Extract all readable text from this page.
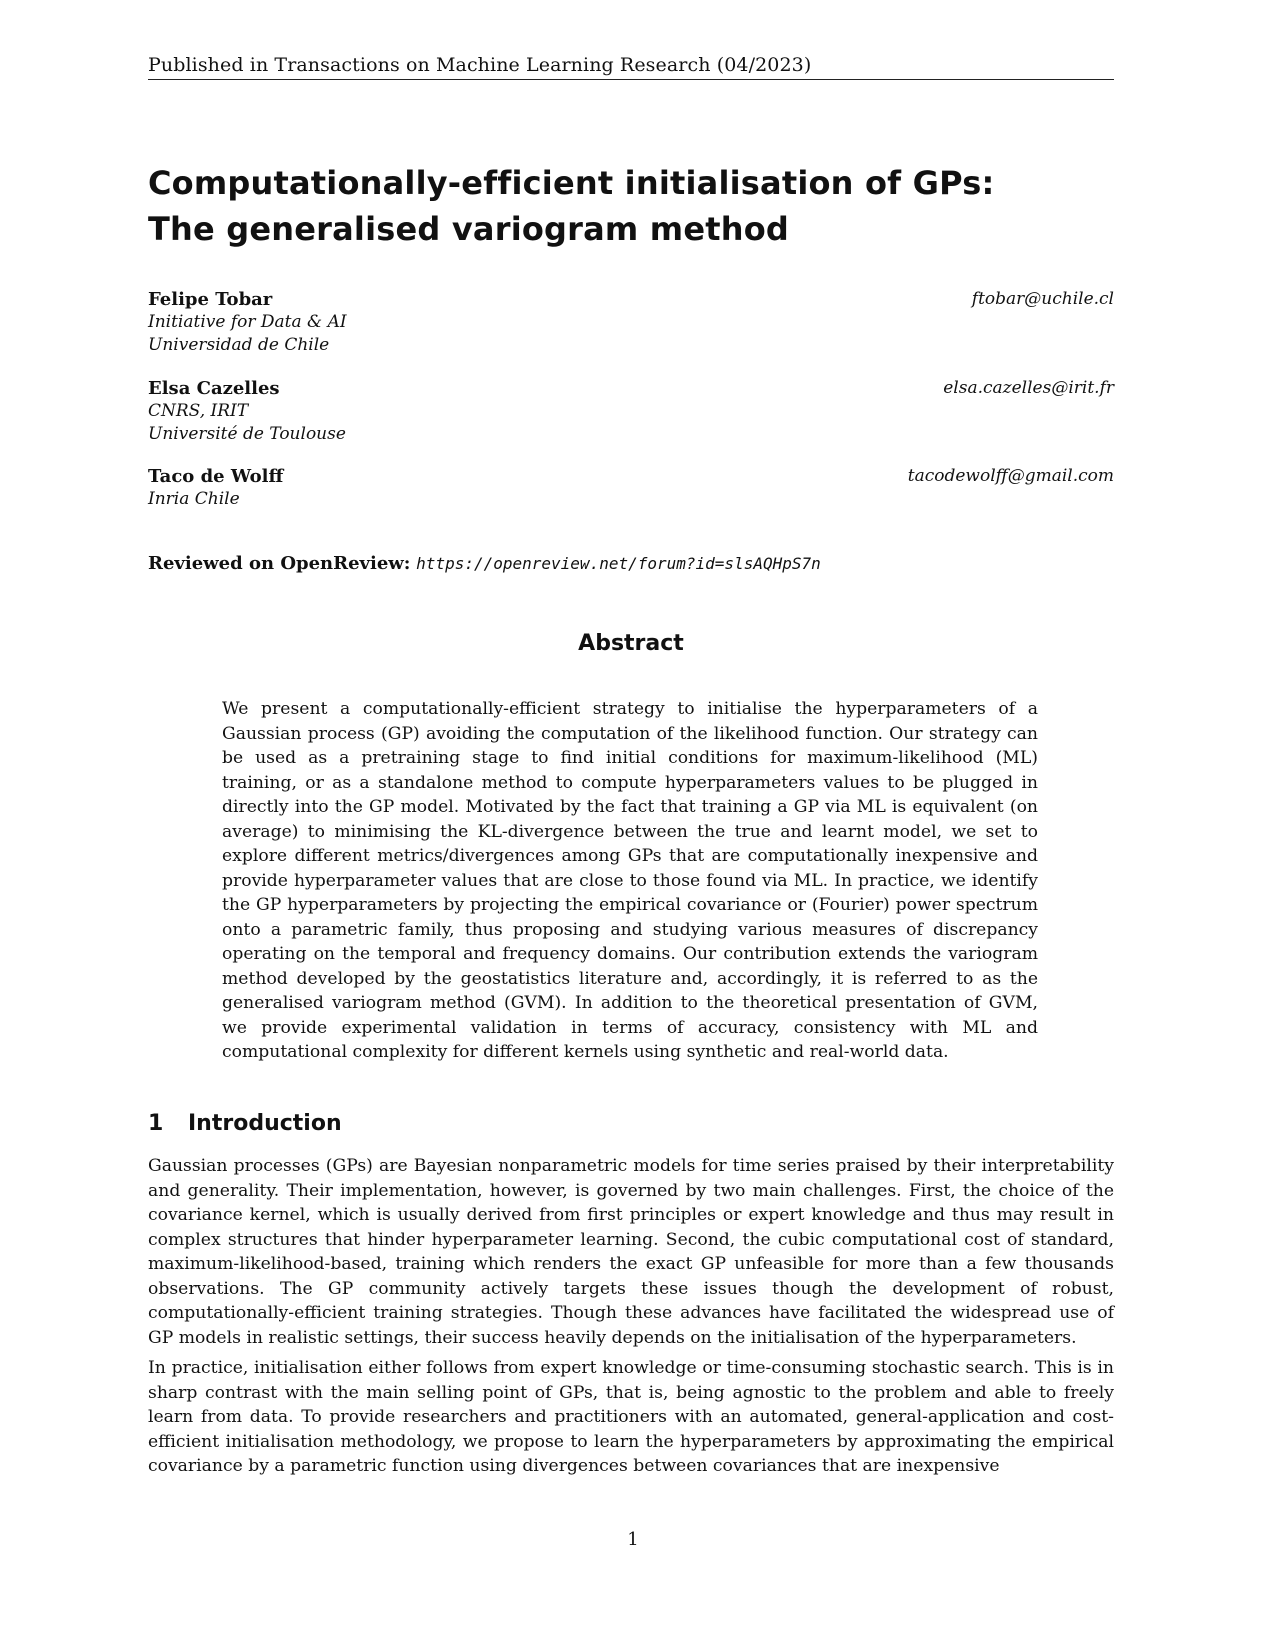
Published in Transactions on Machine Learning Research (04/2023)
Computationally-efficient initialisation of GPs:
The generalised variogram method
Felipe Tobar
Initiative for Data & AI
Universidad de Chile
ftobar@uchile.cl
Elsa Cazelles
CNRS, IRIT
Université de Toulouse
elsa.cazelles@irit.fr
Taco de Wolff
Inria Chile
tacodewolff@gmail.com
Reviewed on OpenReview: https://openreview.net/forum?id=slsAQHpS7n
Abstract

We present a computationally-efficient strategy to initialise the hyperparameters of a Gaussian process (GP) avoiding the computation of the likelihood function. Our strategy can be used as a pretraining stage to find initial conditions for maximum-likelihood (ML) training, or as a standalone method to compute hyperparameters values to be plugged in directly into the GP model. Motivated by the fact that training a GP via ML is equivalent (on average) to minimising the KL-divergence between the true and learnt model, we set to explore different metrics/divergences among GPs that are computationally inexpensive and provide hyperparameter values that are close to those found via ML. In practice, we identify the GP hyperparameters by projecting the empirical covariance or (Fourier) power spectrum onto a parametric family, thus proposing and studying various measures of discrepancy operating on the temporal and frequency domains. Our contribution extends the variogram method developed by the geostatistics literature and, accordingly, it is referred to as the generalised variogram method (GVM). In addition to the theoretical presentation of GVM, we provide experimental validation in terms of accuracy, consistency with ML and computational complexity for different kernels using synthetic and real-world data.

1 Introduction

Gaussian processes (GPs) are Bayesian nonparametric models for time series praised by their interpretability and generality. Their implementation, however, is governed by two main challenges. First, the choice of the covariance kernel, which is usually derived from first principles or expert knowledge and thus may result in complex structures that hinder hyperparameter learning. Second, the cubic computational cost of standard, maximum-likelihood-based, training which renders the exact GP unfeasible for more than a few thousands observations. The GP community actively targets these issues though the development of robust, computationally-efficient training strategies. Though these advances have facilitated the widespread use of GP models in realistic settings, their success heavily depends on the initialisation of the hyperparameters.

In practice, initialisation either follows from expert knowledge or time-consuming stochastic search. This is in sharp contrast with the main selling point of GPs, that is, being agnostic to the problem and able to freely learn from data. To provide researchers and practitioners with an automated, general-application and cost-efficient initialisation methodology, we propose to learn the hyperparameters by approximating the empirical covariance by a parametric function using divergences between covariances that are inexpensive

1
